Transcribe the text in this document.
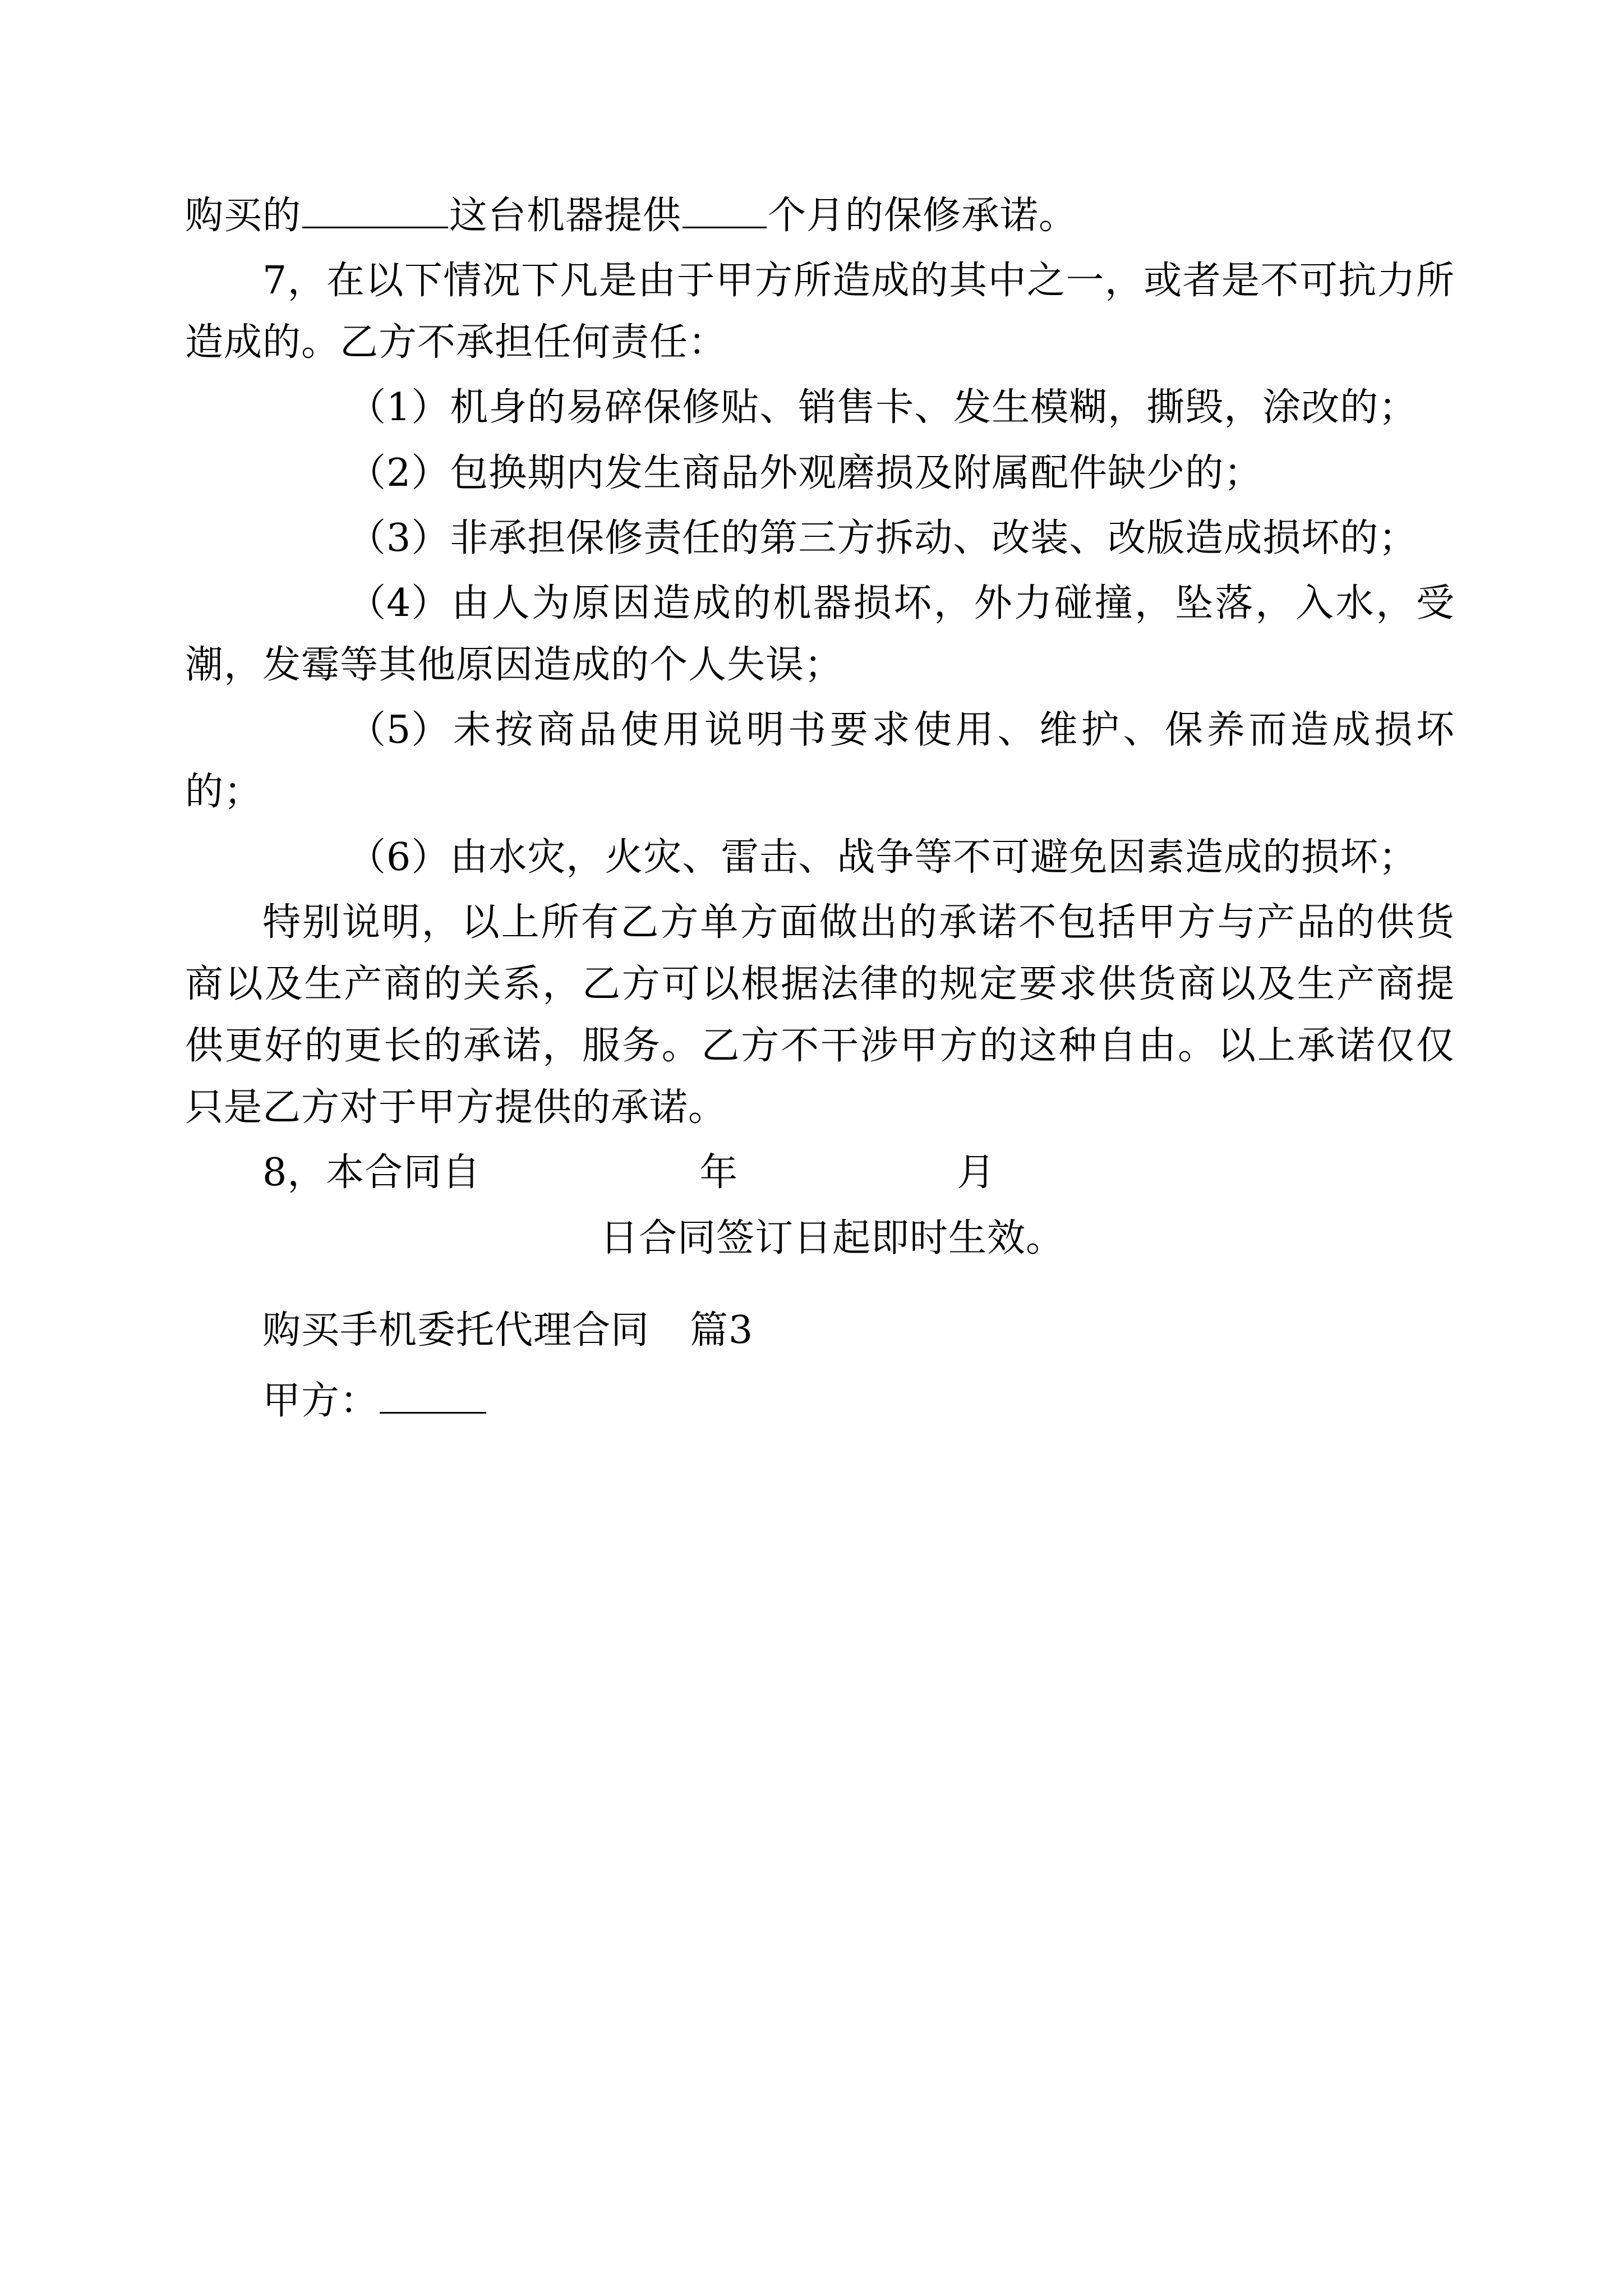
购买的	这台机器提供 个月的保修承诺。

7，在以下情况下凡是由于甲方所造成的其中之一，或者是不可抗力所造成的。乙方不承担任何责任：

（1）机身的易碎保修贴、销售卡、发生模糊，撕毁，涂改的；

（2）包换期内发生商品外观磨损及附属配件缺少的；

（3）非承担保修责任的第三方拆动、改装、改版造成损坏的；

（4）由人为原因造成的机器损坏，外力碰撞，坠落，入水，受潮，发霉等其他原因造成的个人失误；

（5）未按商品使用说明书要求使用、维护、保养而造成损坏的；

（6）由水灾，火灾、雷击、战争等不可避免因素造成的损坏；

特别说明，以上所有乙方单方面做出的承诺不包括甲方与产品的供货商以及生产商的关系，乙方可以根据法律的规定要求供货商以及生产商提供更好的更长的承诺，服务。乙方不干涉甲方的这种自由。以上承诺仅仅只是乙方对于甲方提供的承诺。

8，本合同自	年	月

日合同签订日起即时生效。

购买手机委托代理合同 篇3

甲方：
